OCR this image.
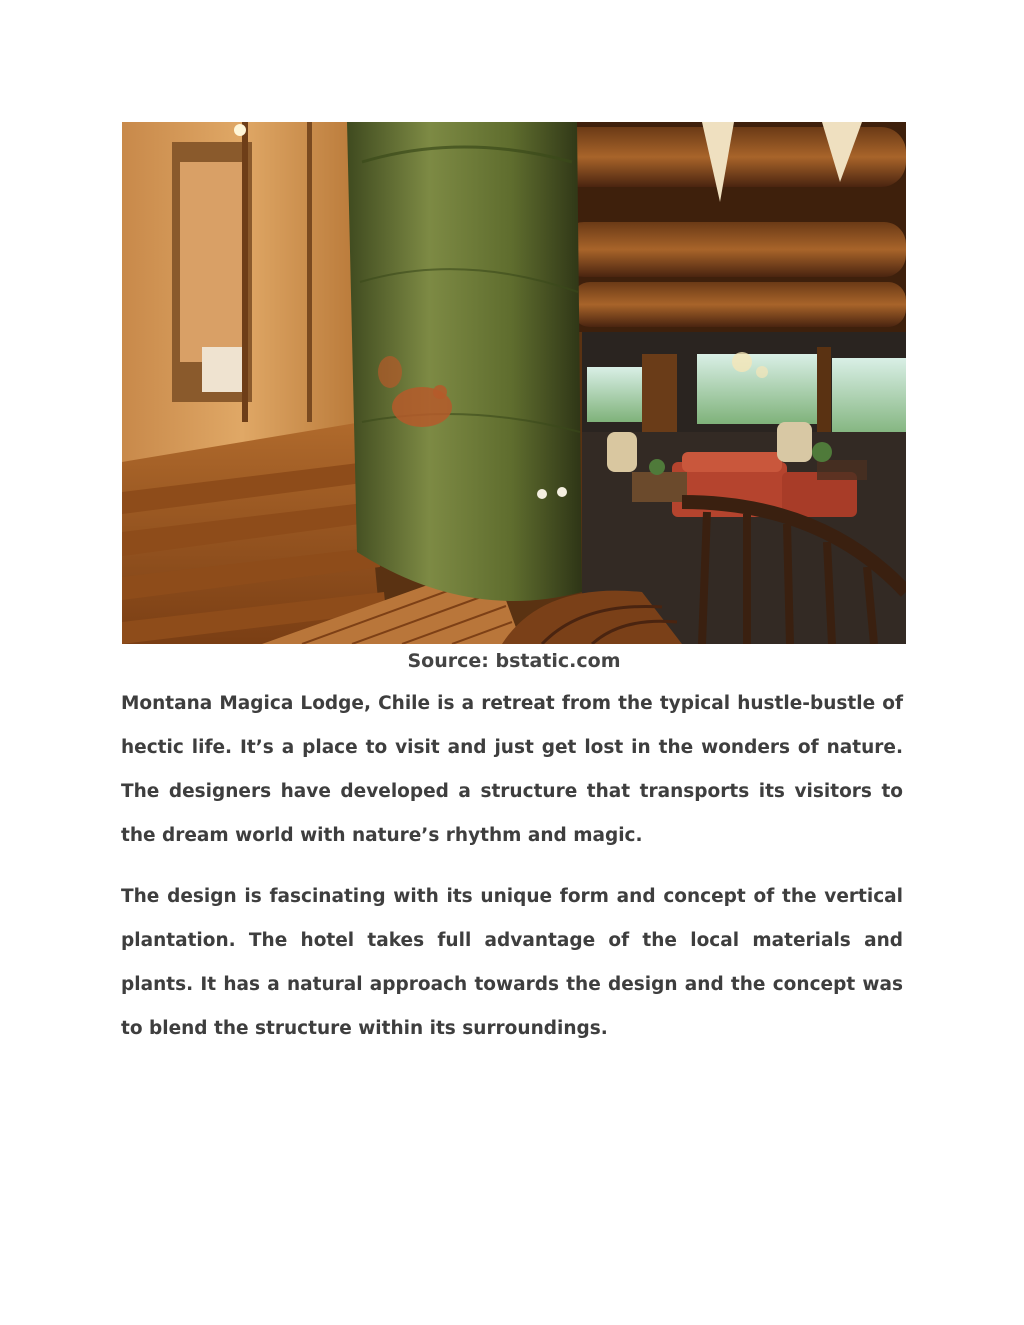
Source: bstatic.com

Montana Magica Lodge, Chile is a retreat from the typical hustle-bustle of hectic life. It’s a place to visit and just get lost in the wonders of nature. The designers have developed a structure that transports its visitors to the dream world with nature’s rhythm and magic.

The design is fascinating with its unique form and concept of the vertical plantation. The hotel takes full advantage of the local materials and plants. It has a natural approach towards the design and the concept was to blend the structure within its surroundings.
